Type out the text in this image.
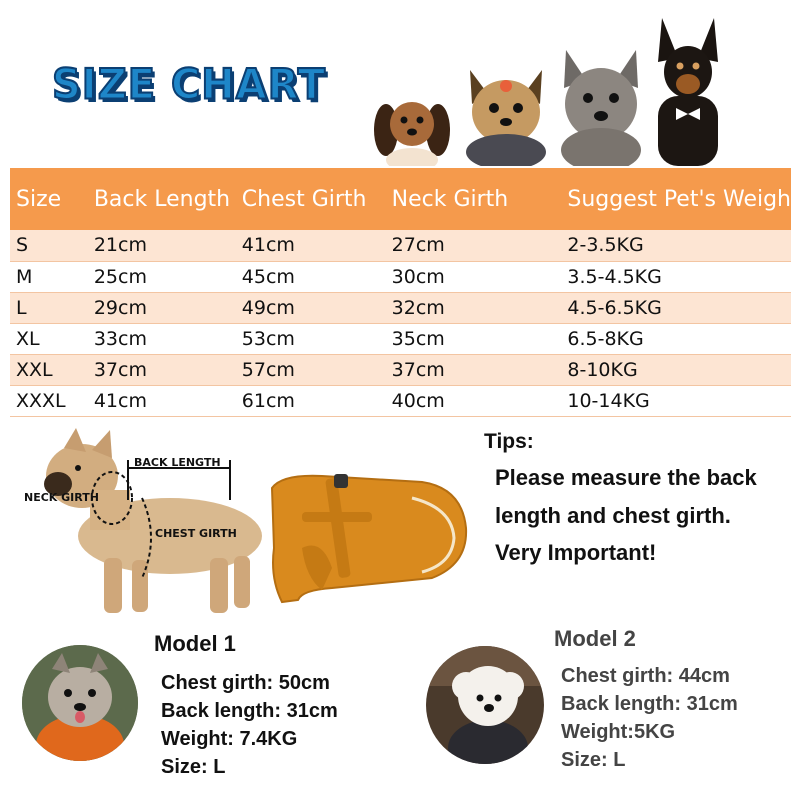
SIZE CHART
Size	Back Length	Chest Girth	Neck Girth	Suggest Pet's Weigh
S	21cm	41cm	27cm	2-3.5KG
M	25cm	45cm	30cm	3.5-4.5KG
L	29cm	49cm	32cm	4.5-6.5KG
XL	33cm	53cm	35cm	6.5-8KG
XXL	37cm	57cm	37cm	8-10KG
XXXL	41cm	61cm	40cm	10-14KG
BACK LENGTH
NECK GIRTH
CHEST GIRTH
Tips:
Please measure the back
length and chest girth.
Very Important!
Model 1
Chest girth: 50cm
Back length: 31cm
Weight: 7.4KG
Size: L
Model 2
Chest girth: 44cm
Back length: 31cm
Weight:5KG
Size: L
